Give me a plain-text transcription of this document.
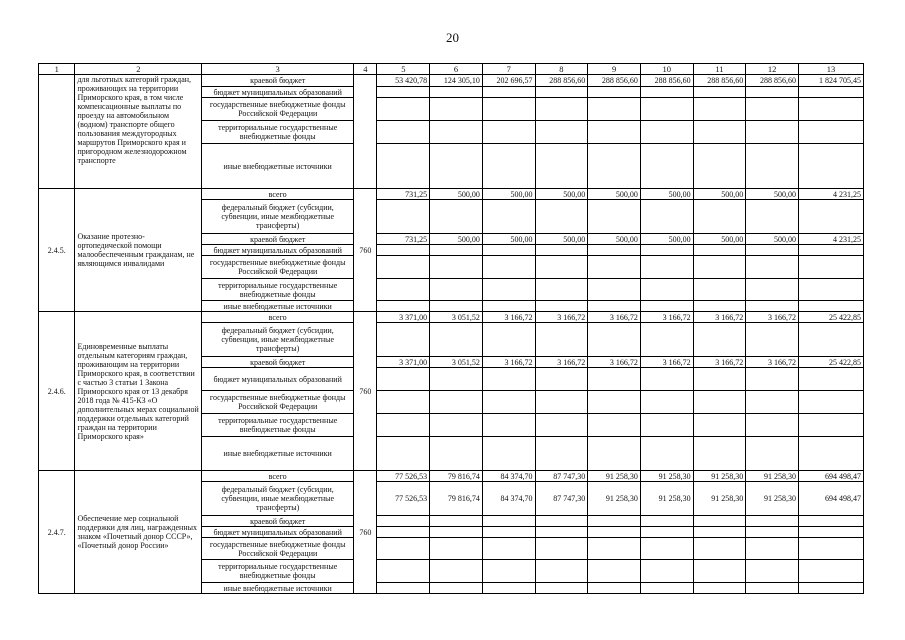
20
1	2	3	4	5	6	7	8	9	10	11	12	13
	для льготных категорий граждан, проживающих на территории Приморского края, в том числе компенсационные выплаты по проезду на автомобильном (водном) транспорте общего пользования междугородных маршрутов Приморского края и пригородном железнодорожном транспорте	краевой бюджет		53 420,78	124 305,10	202 696,57	288 856,60	288 856,60	288 856,60	288 856,60	288 856,60	1 824 705,45
		бюджет муниципальных образований										
		государственные внебюджетные фонды Российской Федерации										
		территориальные государственные внебюджетные фонды										
		иные внебюджетные источники										
2.4.5.	Оказание протезно-ортопедической помощи малообеспеченным гражданам, не являющимся инвалидами	всего	760	731,25	500,00	500,00	500,00	500,00	500,00	500,00	500,00	4 231,25
		федеральный бюджет (субсидии, субвенции, иные межбюджетные трансферты)										
		краевой бюджет		731,25	500,00	500,00	500,00	500,00	500,00	500,00	500,00	4 231,25
		бюджет муниципальных образований										
		государственные внебюджетные фонды Российской Федерации										
		территориальные государственные внебюджетные фонды										
		иные внебюджетные источники										
2.4.6.	Единовременные выплаты отдельным категориям граждан, проживающим на территории Приморского края, в соответствии с частью 3 статьи 1 Закона Приморского края от 13 декабря 2018 года № 415-КЗ «О дополнительных мерах социальной поддержки отдельных категорий граждан на территории Приморского края»	всего	760	3 371,00	3 051,52	3 166,72	3 166,72	3 166,72	3 166,72	3 166,72	3 166,72	25 422,85
		федеральный бюджет (субсидии, субвенции, иные межбюджетные трансферты)										
		краевой бюджет		3 371,00	3 051,52	3 166,72	3 166,72	3 166,72	3 166,72	3 166,72	3 166,72	25 422,85
		бюджет муниципальных образований										
		государственные внебюджетные фонды Российской Федерации										
		территориальные государственные внебюджетные фонды										
		иные внебюджетные источники										
2.4.7.	Обеспечение мер социальной поддержки для лиц, награжденных знаком «Почетный донор СССР», «Почетный донор России»	всего	760	77 526,53	79 816,74	84 374,70	87 747,30	91 258,30	91 258,30	91 258,30	91 258,30	694 498,47
		федеральный бюджет (субсидии, субвенции, иные межбюджетные трансферты)		77 526,53	79 816,74	84 374,70	87 747,30	91 258,30	91 258,30	91 258,30	91 258,30	694 498,47
		краевой бюджет										
		бюджет муниципальных образований										
		государственные внебюджетные фонды Российской Федерации										
		территориальные государственные внебюджетные фонды										
		иные внебюджетные источники										
